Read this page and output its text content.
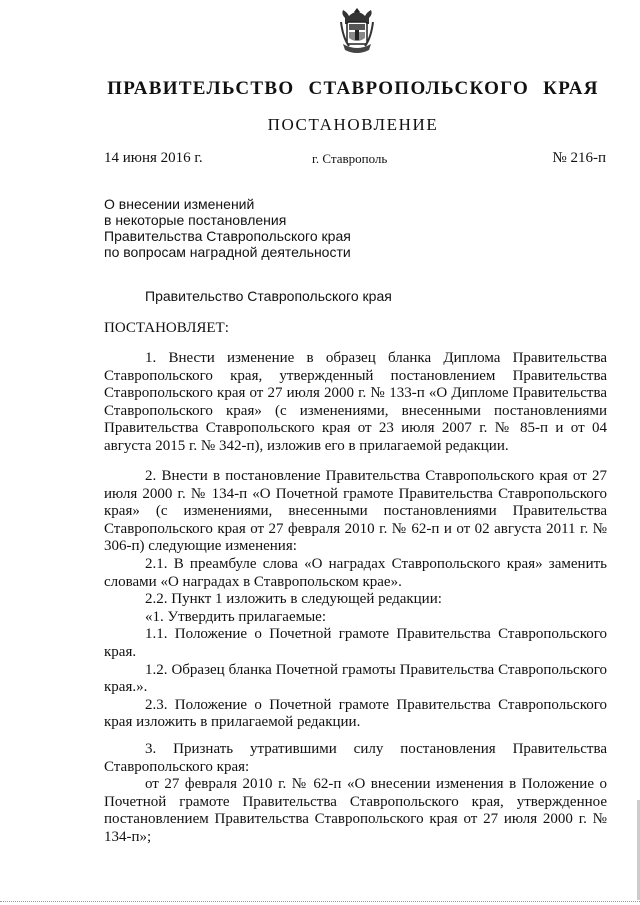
ПРАВИТЕЛЬСТВО СТАВРОПОЛЬСКОГО КРАЯ
ПОСТАНОВЛЕНИЕ
14 июня 2016 г.	г. Ставрополь	№ 216-п
О внесении изменений
в некоторые постановления
Правительства Ставропольского края
по вопросам наградной деятельности
Правительство Ставропольского края
ПОСТАНОВЛЯЕТ:

1. Внести изменение в образец бланка Диплома Правительства Ставропольского края, утвержденный постановлением Правительства Ставропольского края от 27 июля 2000 г. № 133-п «О Дипломе Правительства Ставропольского края» (с изменениями, внесенными постановлениями Правительства Ставропольского края от 23 июля 2007 г. № 85-п и от 04 августа 2015 г. № 342-п), изложив его в прилагаемой редакции.

2. Внести в постановление Правительства Ставропольского края от 27 июля 2000 г. № 134-п «О Почетной грамоте Правительства Ставропольского края» (с изменениями, внесенными постановлениями Правительства Ставропольского края от 27 февраля 2010 г. № 62-п и от 02 августа 2011 г. № 306-п) следующие изменения:

2.1. В преамбуле слова «О наградах Ставропольского края» заменить словами «О наградах в Ставропольском крае».

2.2. Пункт 1 изложить в следующей редакции:

«1. Утвердить прилагаемые:

1.1. Положение о Почетной грамоте Правительства Ставропольского края.

1.2. Образец бланка Почетной грамоты Правительства Ставропольского края.».

2.3. Положение о Почетной грамоте Правительства Ставропольского края изложить в прилагаемой редакции.

3. Признать утратившими силу постановления Правительства Ставропольского края:

от 27 февраля 2010 г. № 62-п «О внесении изменения в Положение о Почетной грамоте Правительства Ставропольского края, утвержденное постановлением Правительства Ставропольского края от 27 июля 2000 г. № 134-п»;
